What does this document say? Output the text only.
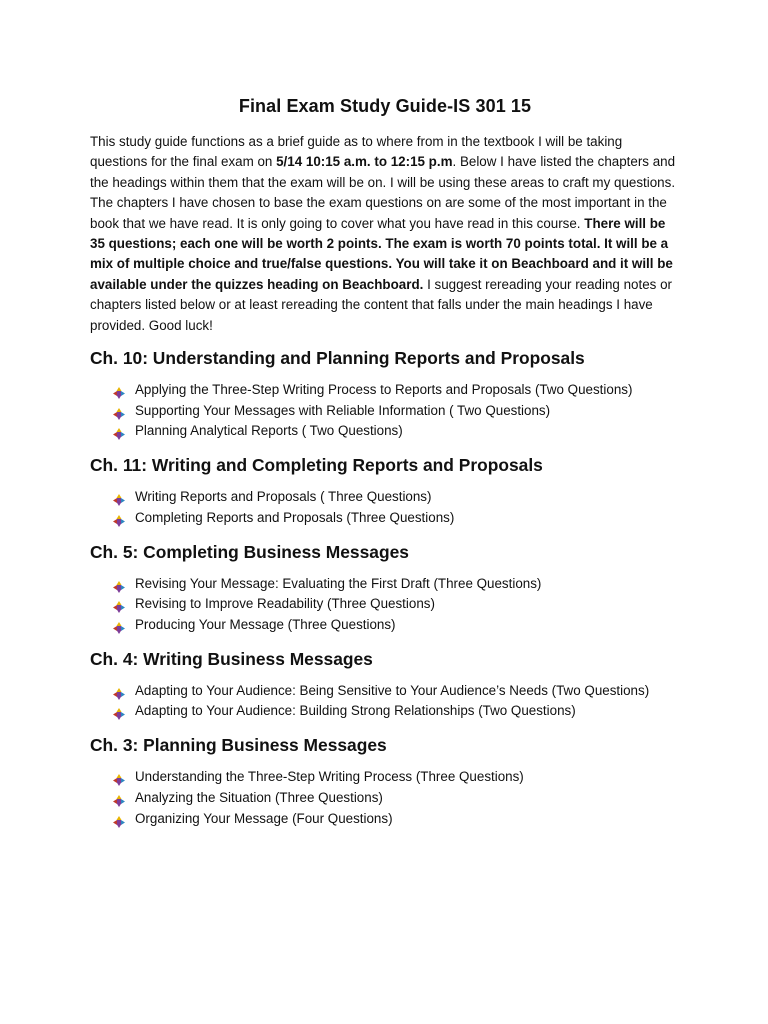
Final Exam Study Guide-IS 301 15

This study guide functions as a brief guide as to where from in the textbook I will be taking questions for the final exam on 5/14 10:15 a.m. to 12:15 p.m. Below I have listed the chapters and the headings within them that the exam will be on. I will be using these areas to craft my questions. The chapters I have chosen to base the exam questions on are some of the most important in the book that we have read. It is only going to cover what you have read in this course. There will be 35 questions; each one will be worth 2 points. The exam is worth 70 points total. It will be a mix of multiple choice and true/false questions. You will take it on Beachboard and it will be available under the quizzes heading on Beachboard. I suggest rereading your reading notes or chapters listed below or at least rereading the content that falls under the main headings I have provided. Good luck!

Ch. 10: Understanding and Planning Reports and Proposals
Applying the Three-Step Writing Process to Reports and Proposals (Two Questions)
Supporting Your Messages with Reliable Information ( Two Questions)
Planning Analytical Reports ( Two Questions)
Ch. 11: Writing and Completing Reports and Proposals
Writing Reports and Proposals ( Three Questions)
Completing Reports and Proposals (Three Questions)
Ch. 5: Completing Business Messages
Revising Your Message: Evaluating the First Draft (Three Questions)
Revising to Improve Readability (Three Questions)
Producing Your Message (Three Questions)
Ch. 4: Writing Business Messages
Adapting to Your Audience: Being Sensitive to Your Audience’s Needs (Two Questions)
Adapting to Your Audience: Building Strong Relationships (Two Questions)
Ch. 3: Planning Business Messages
Understanding the Three-Step Writing Process (Three Questions)
Analyzing the Situation (Three Questions)
Organizing Your Message (Four Questions)
